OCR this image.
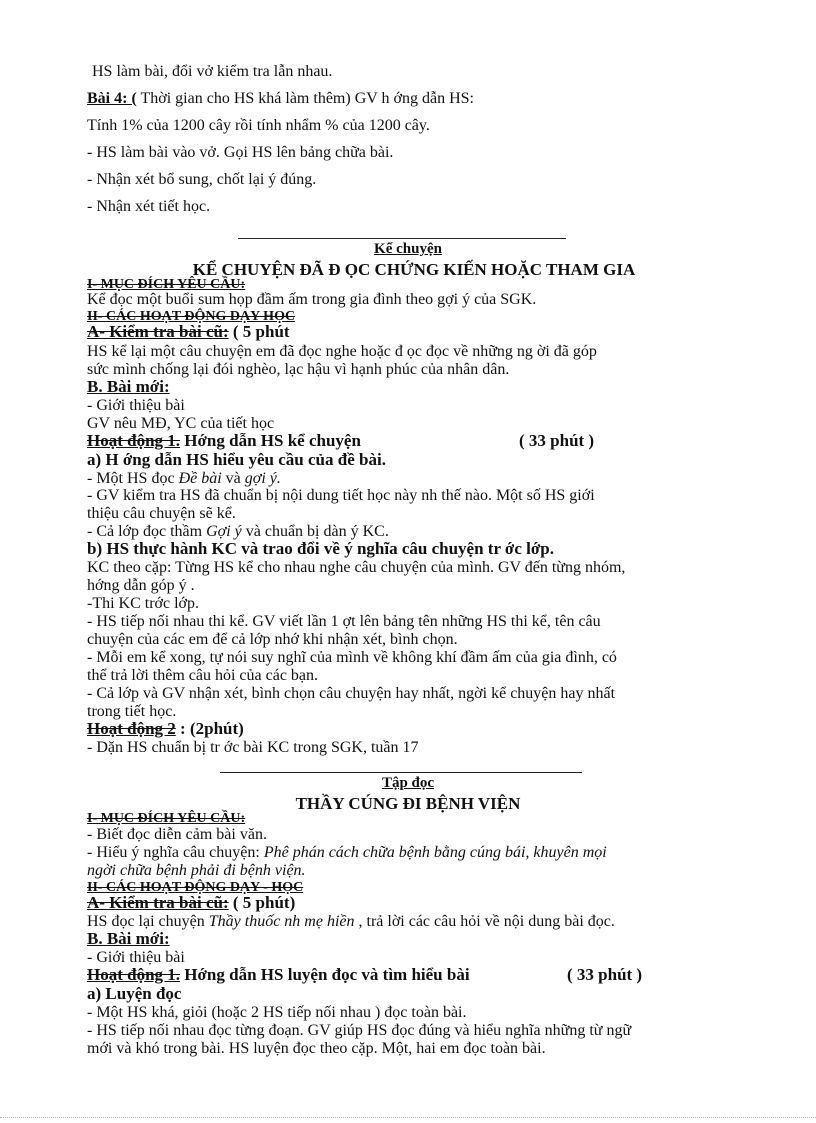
HS làm bài, đổi vở kiểm tra lẫn nhau.
Bài 4: ( Thời gian cho HS khá làm thêm) GV h ớng dẫn HS:
Tính 1% của 1200 cây rồi tính nhẩm % của 1200 cây.
- HS làm bài vào vở. Gọi HS lên bảng chữa bài.
- Nhận xét bổ sung, chốt lại ý đúng.
- Nhận xét tiết học.
Kể chuyện
KỂ CHUYỆN ĐÃ Đ ỌC CHỨNG KIẾN HOẶC THAM GIA
I- MỤC ĐÍCH YÊU CẦU:
Kể đọc một buổi sum họp đầm ấm trong gia đình theo gợi ý của SGK.
II- CÁC HOẠT ĐỘNG DẠY HỌC
A- Kiểm tra bài cũ: ( 5 phút
HS kể lại một câu chuyện em đã đọc nghe hoặc đ ọc đọc về những ng ời đã góp
sức mình chống lại đói nghèo, lạc hậu vì hạnh phúc của nhân dân.
B. Bài mới:
- Giới thiệu bài
GV nêu MĐ, YC của tiết học
Hoạt động 1. Hớng dẫn HS kể chuyện	( 33 phút )
a) H ớng dẫn HS hiểu yêu cầu của đề bài.
- Một HS đọc Đề bài và gợi ý.
- GV kiểm tra HS đã chuẩn bị nội dung tiết học này nh thế nào. Một số HS giới
thiệu câu chuyện sẽ kể.
- Cả lớp đọc thầm Gợi ý và chuẩn bị dàn ý KC.
b) HS thực hành KC và trao đổi về ý nghĩa câu chuyện tr ớc lớp.
KC theo cặp: Từng HS kể cho nhau nghe câu chuyện của mình. GV đến từng nhóm,
hớng dẫn góp ý .
-Thi KC trớc lớp.
- HS tiếp nối nhau thi kể. GV viết lần 1 ợt lên bảng tên những HS thi kể, tên câu
chuyện của các em để cả lớp nhớ khi nhận xét, bình chọn.
- Mỗi em kể xong, tự nói suy nghĩ của mình về không khí đầm ấm của gia đình, có
thể trả lời thêm câu hỏi của các bạn.
- Cả lớp và GV nhận xét, bình chọn câu chuyện hay nhất, ngời kể chuyện hay nhất
trong tiết học.
Hoạt động 2 : (2phút)
- Dặn HS chuẩn bị tr ớc bài KC trong SGK, tuần 17
Tập đọc
THẦY CÚNG ĐI BỆNH VIỆN
I- MỤC ĐÍCH YÊU CẦU:
- Biết đọc diễn cảm bài văn.
- Hiểu ý nghĩa câu chuyện: Phê phán cách chữa bệnh bằng cúng bái, khuyên mọi
ngời chữa bệnh phải đi bệnh viện.
II- CÁC HOẠT ĐỘNG DẠY - HỌC
A- Kiểm tra bài cũ: ( 5 phút)
HS đọc lại chuyện Thầy thuốc nh mẹ hiền , trả lời các câu hỏi về nội dung bài đọc.
B. Bài mới:
- Giới thiệu bài
Hoạt động 1. Hớng dẫn HS luyện đọc và tìm hiểu bài	( 33 phút )
a) Luyện đọc
- Một HS khá, giỏi (hoặc 2 HS tiếp nối nhau ) đọc toàn bài.
- HS tiếp nối nhau đọc từng đoạn. GV giúp HS đọc đúng và hiểu nghĩa những từ ngữ
mới và khó trong bài. HS luyện đọc theo cặp. Một, hai em đọc toàn bài.
